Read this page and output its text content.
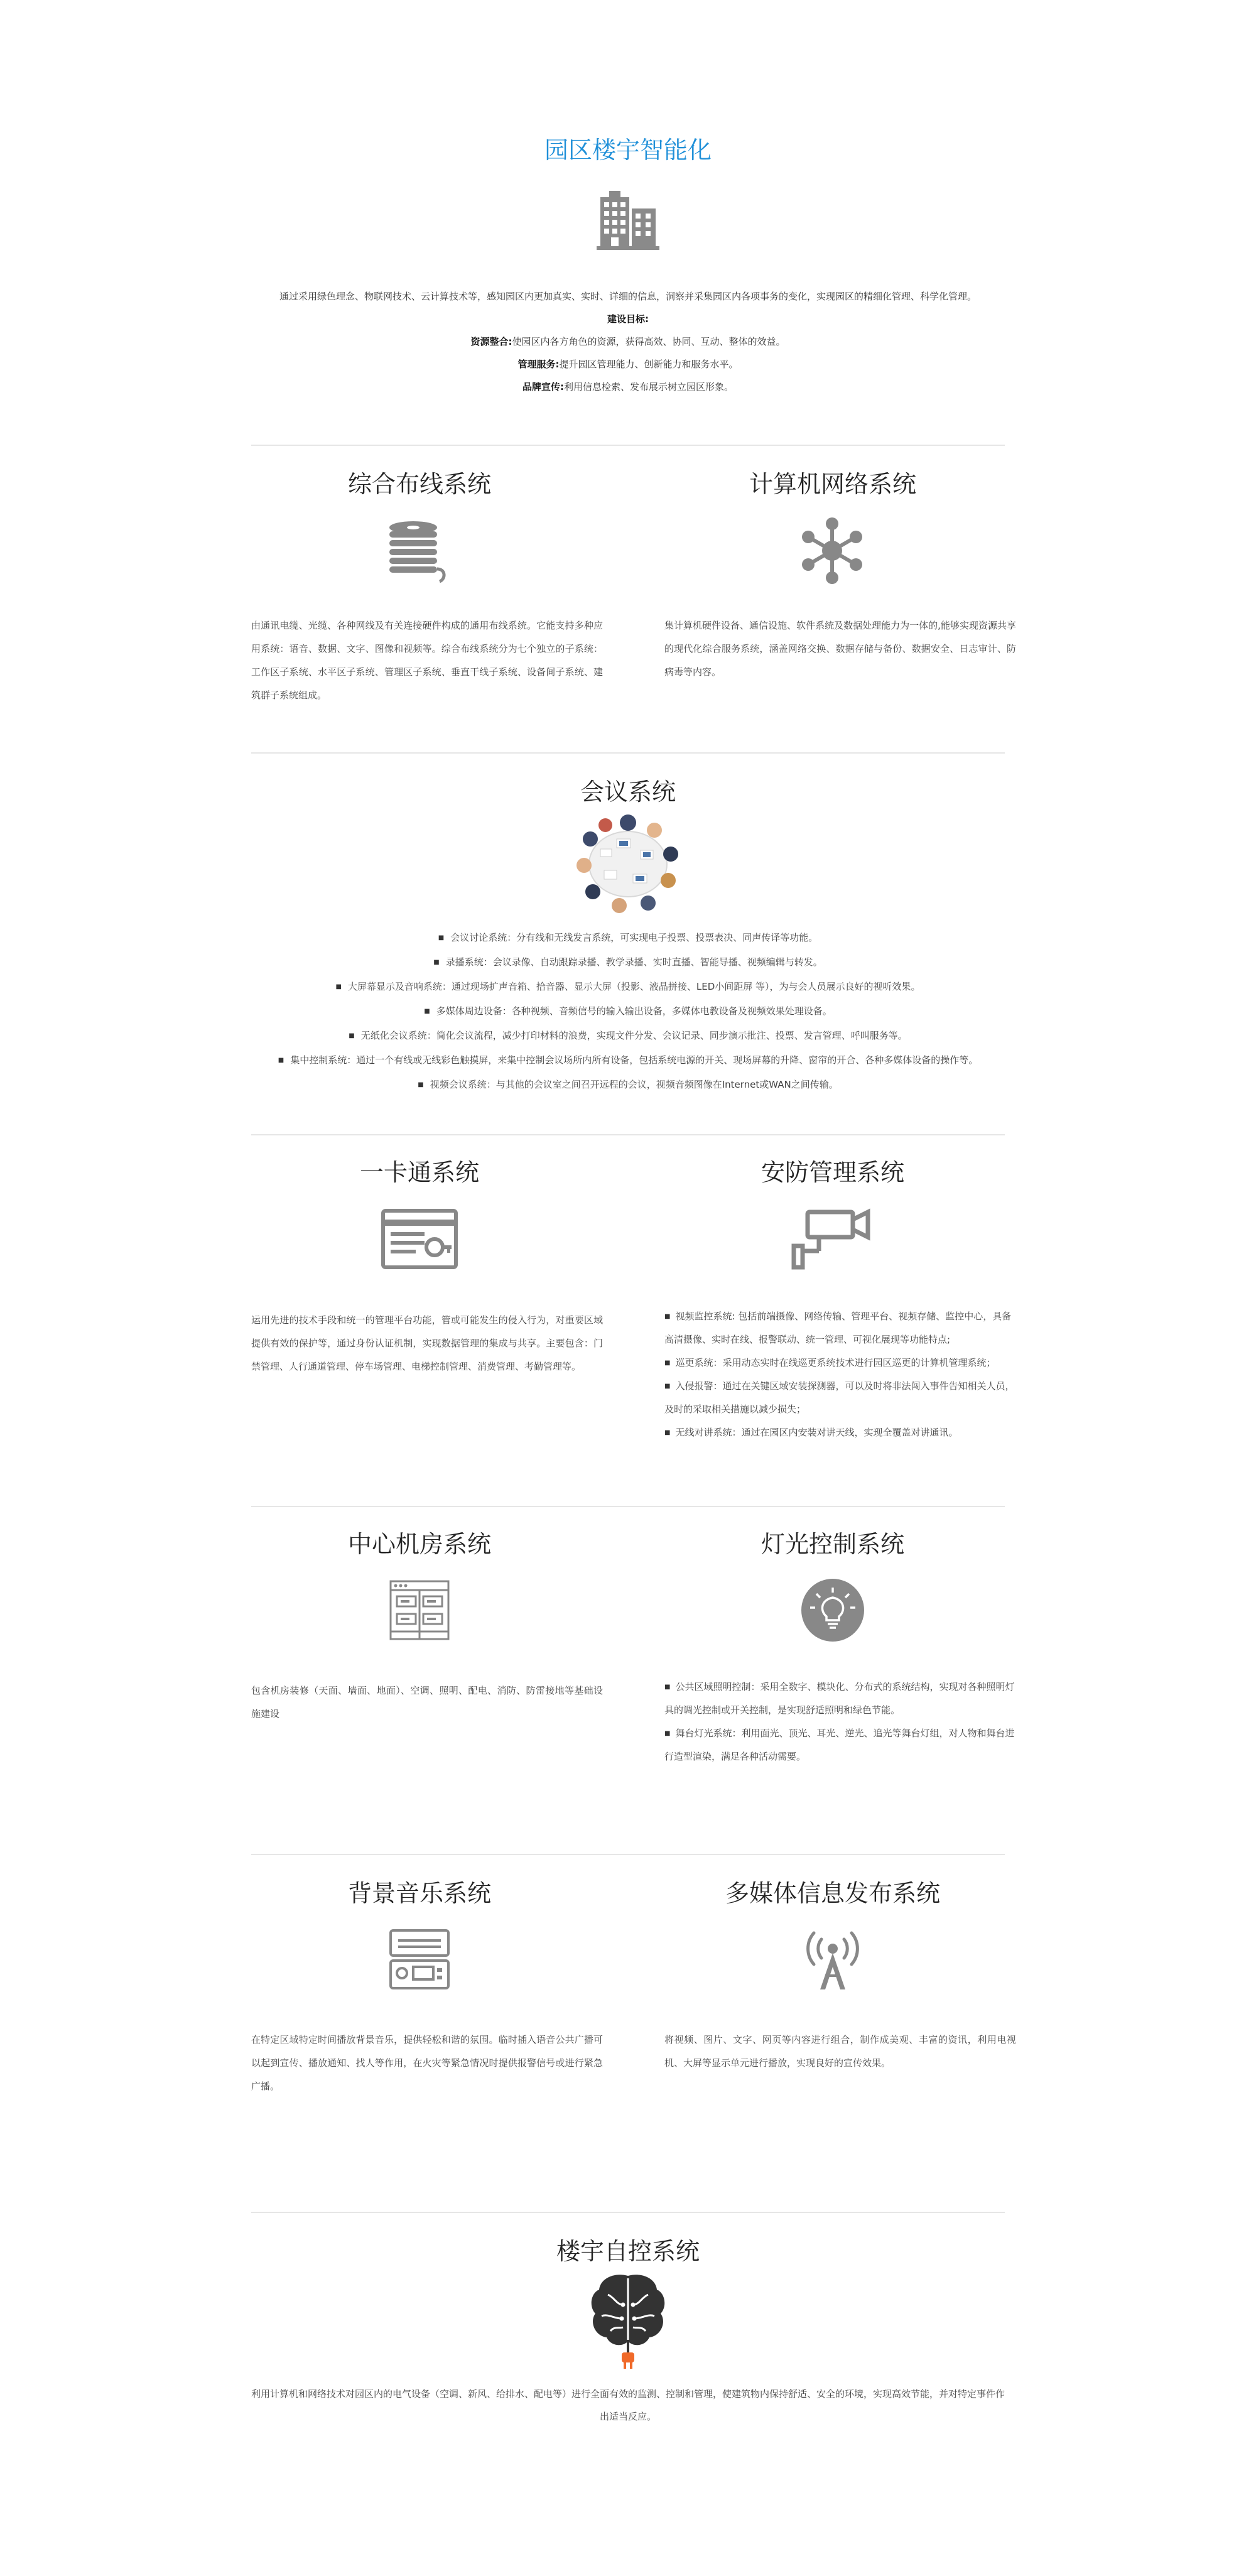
园区楼宇智能化
通过采用绿色理念、物联网技术、云计算技术等，感知园区内更加真实、实时、详细的信息，洞察并采集园区内各项事务的变化，实现园区的精细化管理、科学化管理。
建设目标:
资源整合:使园区内各方角色的资源，获得高效、协同、互动、整体的效益。
管理服务:提升园区管理能力、创新能力和服务水平。
品牌宣传:利用信息检索、发布展示树立园区形象。
综合布线系统
由通讯电缆、光缆、各种网线及有关连接硬件构成的通用布线系统。它能支持多种应用系统：语音、数据、文字、图像和视频等。综合布线系统分为七个独立的子系统：工作区子系统、水平区子系统、管理区子系统、垂直干线子系统、设备间子系统、建筑群子系统组成。
计算机网络系统
集计算机硬件设备、通信设施、软件系统及数据处理能力为一体的,能够实现资源共享的现代化综合服务系统，涵盖网络交换、数据存储与备份、数据安全、日志审计、防病毒等内容。
会议系统
■ 会议讨论系统：分有线和无线发言系统，可实现电子投票、投票表决、同声传译等功能。
■ 录播系统：会议录像、自动跟踪录播、教学录播、实时直播、智能导播、视频编辑与转发。
■ 大屏幕显示及音响系统：通过现场扩声音箱、拾音器、显示大屏（投影、液晶拼接、LED小间距屏 等），为与会人员展示良好的视听效果。
■ 多媒体周边设备：各种视频、音频信号的输入输出设备，多媒体电教设备及视频效果处理设备。
■ 无纸化会议系统：简化会议流程，减少打印材料的浪费，实现文件分发、会议记录、同步演示批注、投票、发言管理、呼叫服务等。
■ 集中控制系统：通过一个有线或无线彩色触摸屏，来集中控制会议场所内所有设备，包括系统电源的开关、现场屏幕的升降、窗帘的开合、各种多媒体设备的操作等。
■ 视频会议系统：与其他的会议室之间召开远程的会议，视频音频图像在Internet或WAN之间传输。
一卡通系统
运用先进的技术手段和统一的管理平台功能，管或可能发生的侵入行为，对重要区域提供有效的保护等，通过身份认证机制，实现数据管理的集成与共享。主要包含：门禁管理、人行通道管理、停车场管理、电梯控制管理、消费管理、考勤管理等。
安防管理系统
■ 视频监控系统: 包括前端摄像、网络传输、管理平台、视频存储、监控中心，具备高清摄像、实时在线、报警联动、统一管理、可视化展现等功能特点;
■ 巡更系统：采用动态实时在线巡更系统技术进行园区巡更的计算机管理系统；
■ 入侵报警：通过在关键区域安装探测器，可以及时将非法闯入事件告知相关人员，及时的采取相关措施以减少损失；
■ 无线对讲系统：通过在园区内安装对讲天线，实现全覆盖对讲通讯。
中心机房系统
包含机房装修（天面、墙面、地面）、空调、照明、配电、消防、防雷接地等基础设施建设
灯光控制系统
■ 公共区域照明控制：采用全数字、模块化、分布式的系统结构，实现对各种照明灯具的调光控制或开关控制，是实现舒适照明和绿色节能。
■ 舞台灯光系统：利用面光、顶光、耳光、逆光、追光等舞台灯组，对人物和舞台进行造型渲染，满足各种活动需要。
背景音乐系统
在特定区域特定时间播放背景音乐，提供轻松和谐的氛围。临时插入语音公共广播可以起到宣传、播放通知、找人等作用，在火灾等紧急情况时提供报警信号或进行紧急广播。
多媒体信息发布系统
将视频、图片、文字、网页等内容进行组合，制作成美观、丰富的资讯，利用电视机、大屏等显示单元进行播放，实现良好的宣传效果。
楼宇自控系统
利用计算机和网络技术对园区内的电气设备（空调、新风、给排水、配电等）进行全面有效的监测、控制和管理，使建筑物内保持舒适、安全的环境，实现高效节能，并对特定事件作出适当反应。
